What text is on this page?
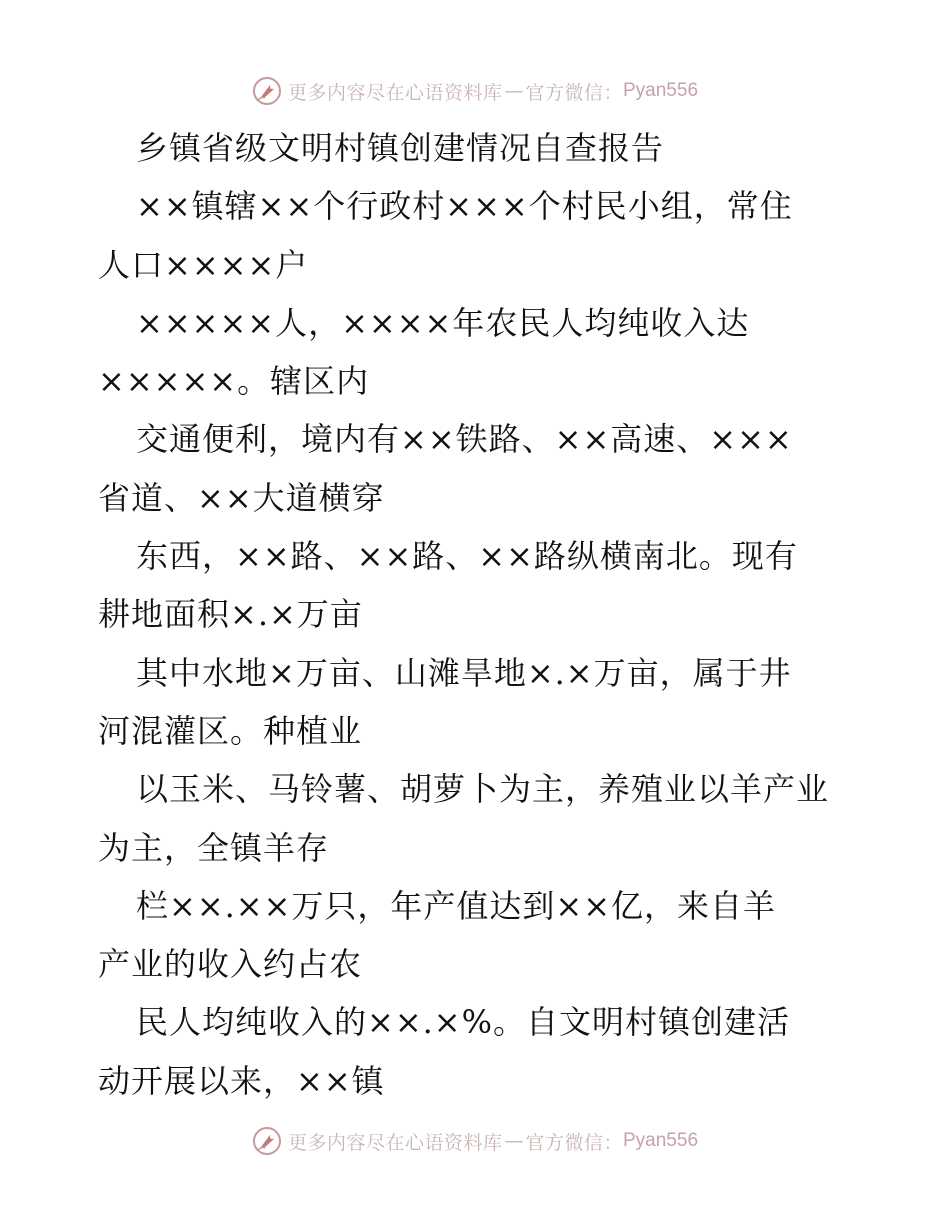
更多内容尽在心语资料库 — 官方微信： Pyan556
乡镇省级文明村镇创建情况自查报告
××镇辖××个行政村×××个村民小组，常住
人口××××户
×××××人，××××年农民人均纯收入达
×××××。辖区内
交通便利，境内有××铁路、××高速、×××
省道、××大道横穿
东西，××路、××路、××路纵横南北。现有
耕地面积×.×万亩
其中水地×万亩、山滩旱地×.×万亩，属于井
河混灌区。种植业
以玉米、马铃薯、胡萝卜为主，养殖业以羊产业
为主，全镇羊存
栏××.××万只，年产值达到××亿，来自羊
产业的收入约占农
民人均纯收入的××.×%。自文明村镇创建活
动开展以来，××镇
更多内容尽在心语资料库 — 官方微信： Pyan556
